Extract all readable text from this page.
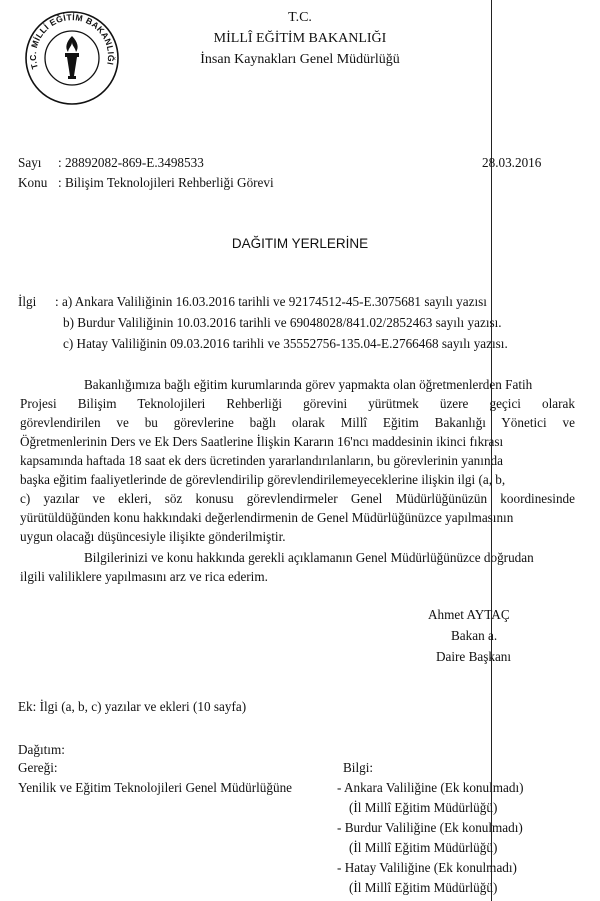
T.C. MİLLİ EĞİTİM BAKANLIĞI
T.C.
MİLLÎ EĞİTİM BAKANLIĞI
İnsan Kaynakları Genel Müdürlüğü
Sayı : 28892082-869-E.3498533	28.03.2016
Konu : Bilişim Teknolojileri Rehberliği Görevi
DAĞITIM YERLERİNE
İlgi : a) Ankara Valiliğinin 16.03.2016 tarihli ve 92174512-45-E.3075681 sayılı yazısı
b) Burdur Valiliğinin 10.03.2016 tarihli ve 69048028/841.02/2852463 sayılı yazısı.
c) Hatay Valiliğinin 09.03.2016 tarihli ve 35552756-135.04-E.2766468 sayılı yazısı.
Bakanlığımıza bağlı eğitim kurumlarında görev yapmakta olan öğretmenlerden Fatih
Projesi Bilişim Teknolojileri Rehberliği görevini yürütmek üzere geçici olarak
görevlendirilen ve bu görevlerine bağlı olarak Millî Eğitim Bakanlığı Yönetici ve
Öğretmenlerinin Ders ve Ek Ders Saatlerine İlişkin Kararın 16'ncı maddesinin ikinci fıkrası
kapsamında haftada 18 saat ek ders ücretinden yararlandırılanların, bu görevlerinin yanında
başka eğitim faaliyetlerinde de görevlendirilip görevlendirilemeyeceklerine ilişkin ilgi (a, b,
c) yazılar ve ekleri, söz konusu görevlendirmeler Genel Müdürlüğünüzün koordinesinde
yürütüldüğünden konu hakkındaki değerlendirmenin de Genel Müdürlüğünüzce yapılmasının
uygun olacağı düşüncesiyle ilişikte gönderilmiştir.
Bilgilerinizi ve konu hakkında gerekli açıklamanın Genel Müdürlüğünüzce doğrudan
ilgili valiliklere yapılmasını arz ve rica ederim.
Ahmet AYTAÇ
Bakan a.
Daire Başkanı
Ek: İlgi (a, b, c) yazılar ve ekleri (10 sayfa)
Dağıtım:
Gereği:
Yenilik ve Eğitim Teknolojileri Genel Müdürlüğüne
Bilgi:
- Ankara Valiliğine (Ek konulmadı)
(İl Millî Eğitim Müdürlüğü)
- Burdur Valiliğine (Ek konulmadı)
(İl Millî Eğitim Müdürlüğü)
- Hatay Valiliğine (Ek konulmadı)
(İl Millî Eğitim Müdürlüğü)
